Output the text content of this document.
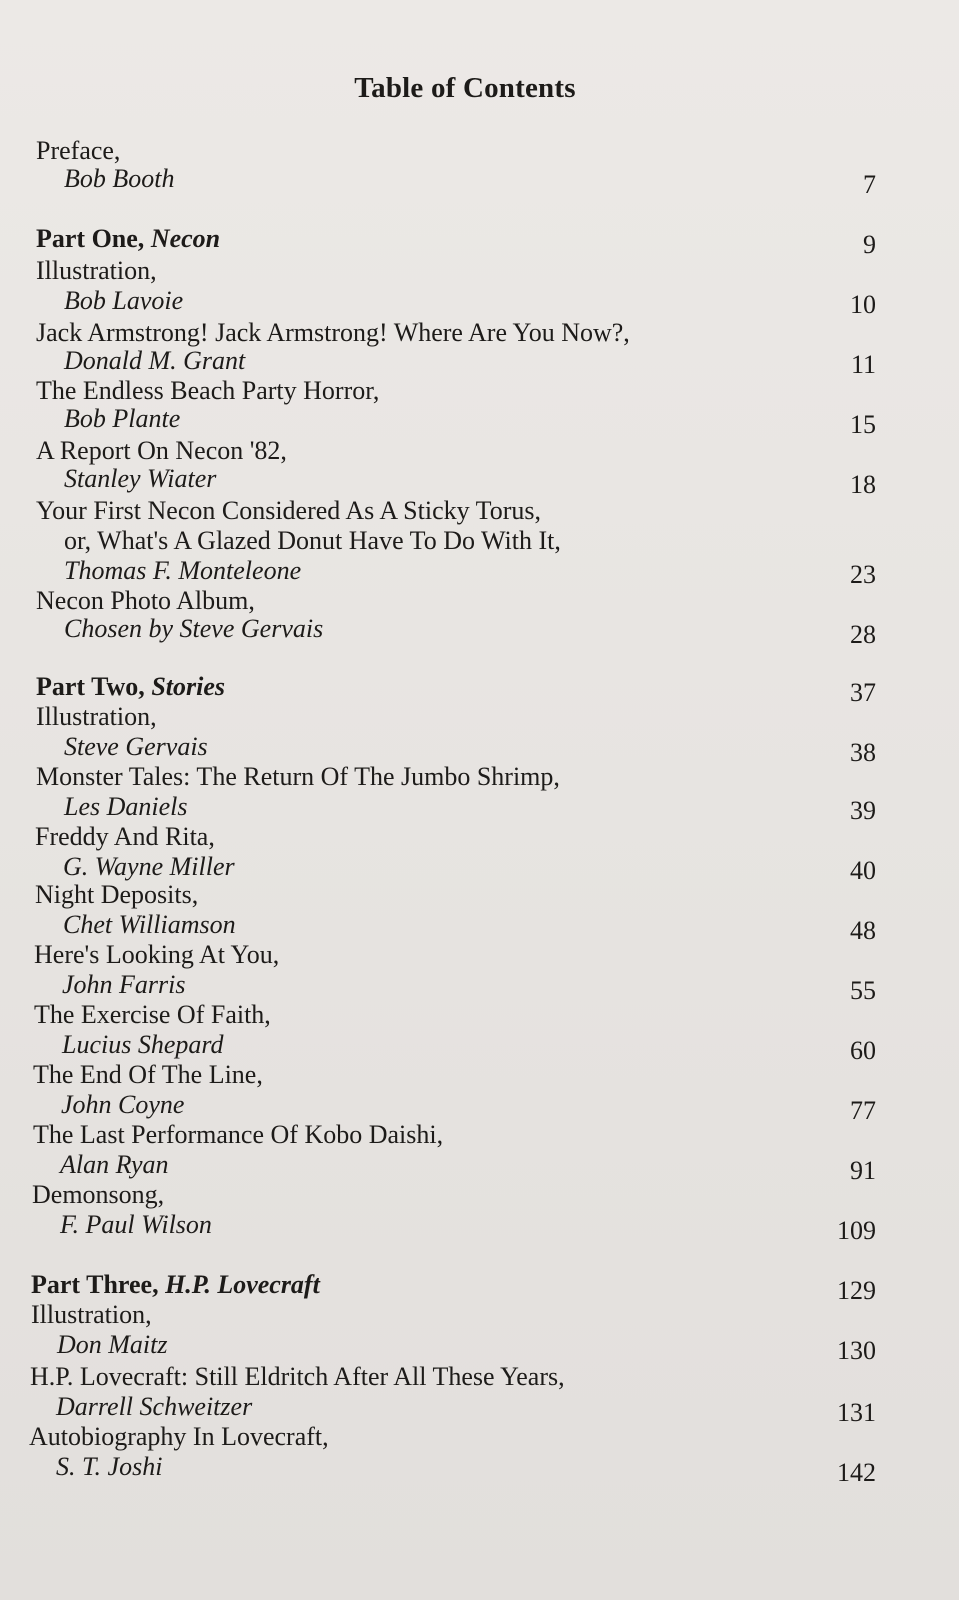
Table of Contents
Preface,
Bob Booth	7
Part One, Necon	9
Illustration,
Bob Lavoie	10
Jack Armstrong! Jack Armstrong! Where Are You Now?,
Donald M. Grant	11
The Endless Beach Party Horror,
Bob Plante	15
A Report On Necon '82,
Stanley Wiater	18
Your First Necon Considered As A Sticky Torus,
or, What's A Glazed Donut Have To Do With It,
Thomas F. Monteleone	23
Necon Photo Album,
Chosen by Steve Gervais	28
Part Two, Stories	37
Illustration,
Steve Gervais	38
Monster Tales: The Return Of The Jumbo Shrimp,
Les Daniels	39
Freddy And Rita,
G. Wayne Miller	40
Night Deposits,
Chet Williamson	48
Here's Looking At You,
John Farris	55
The Exercise Of Faith,
Lucius Shepard	60
The End Of The Line,
John Coyne	77
The Last Performance Of Kobo Daishi,
Alan Ryan	91
Demonsong,
F. Paul Wilson	109
Part Three, H.P. Lovecraft	129
Illustration,
Don Maitz	130
H.P. Lovecraft: Still Eldritch After All These Years,
Darrell Schweitzer	131
Autobiography In Lovecraft,
S. T. Joshi	142
